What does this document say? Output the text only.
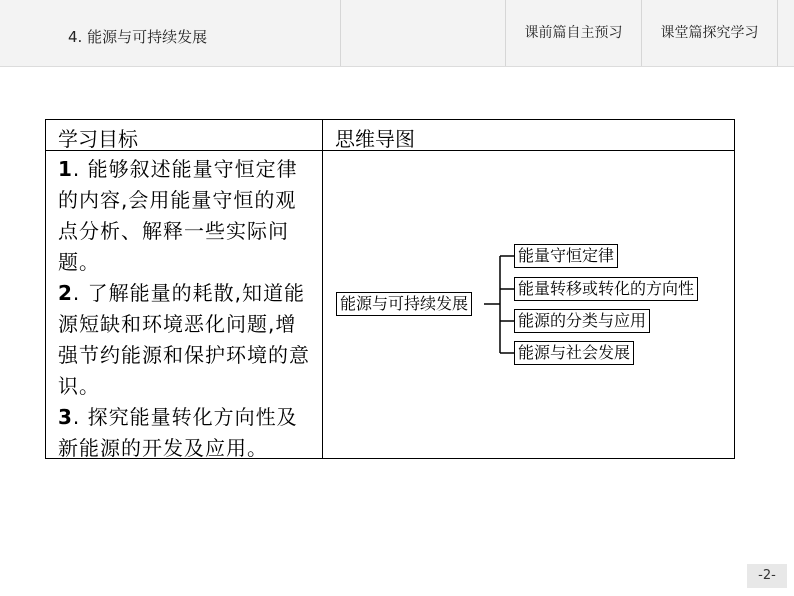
4. 能源与可持续发展	课前篇自主预习	课堂篇探究学习
学习目标	思维导图

1. 能够叙述能量守恒定律的内容,会用能量守恒的观点分析、解释一些实际问题。

2. 了解能量的耗散,知道能源短缺和环境恶化问题,增强节约能源和保护环境的意识。

3. 探究能量转化方向性及新能源的开发及应用。

能源与可持续发展
能量守恒定律
能量转移或转化的方向性
能源的分类与应用
能源与社会发展
-2-
